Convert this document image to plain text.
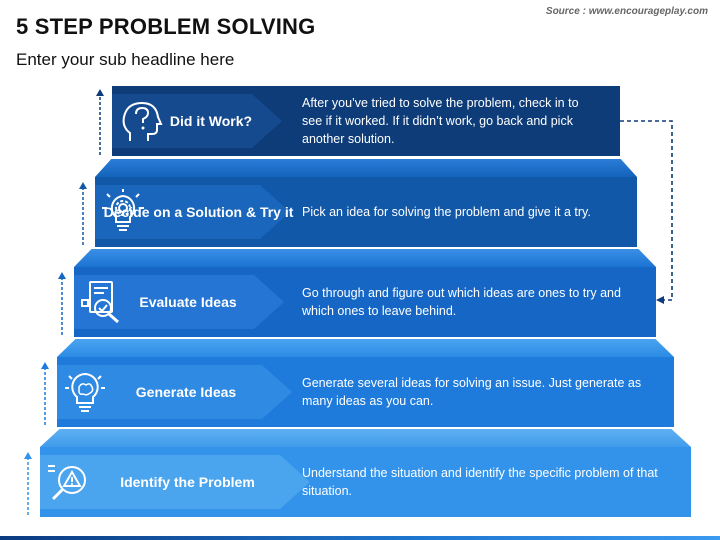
Source : www.encourageplay.com
5 STEP PROBLEM SOLVING
Enter your sub headline here
Identify the Problem
Understand the situation and identify the specific problem of that situation.
Generate Ideas
Generate several ideas for solving an issue. Just generate as many ideas as you can.
Evaluate Ideas
Go through and figure out which ideas are ones to try and which ones to leave behind.
Decide on a Solution & Try it Pick an idea for solving the problem and give it a try.
Did it Work?
After you’ve tried to solve the problem, check in to see if it worked. If it didn’t work, go back and pick another solution.
